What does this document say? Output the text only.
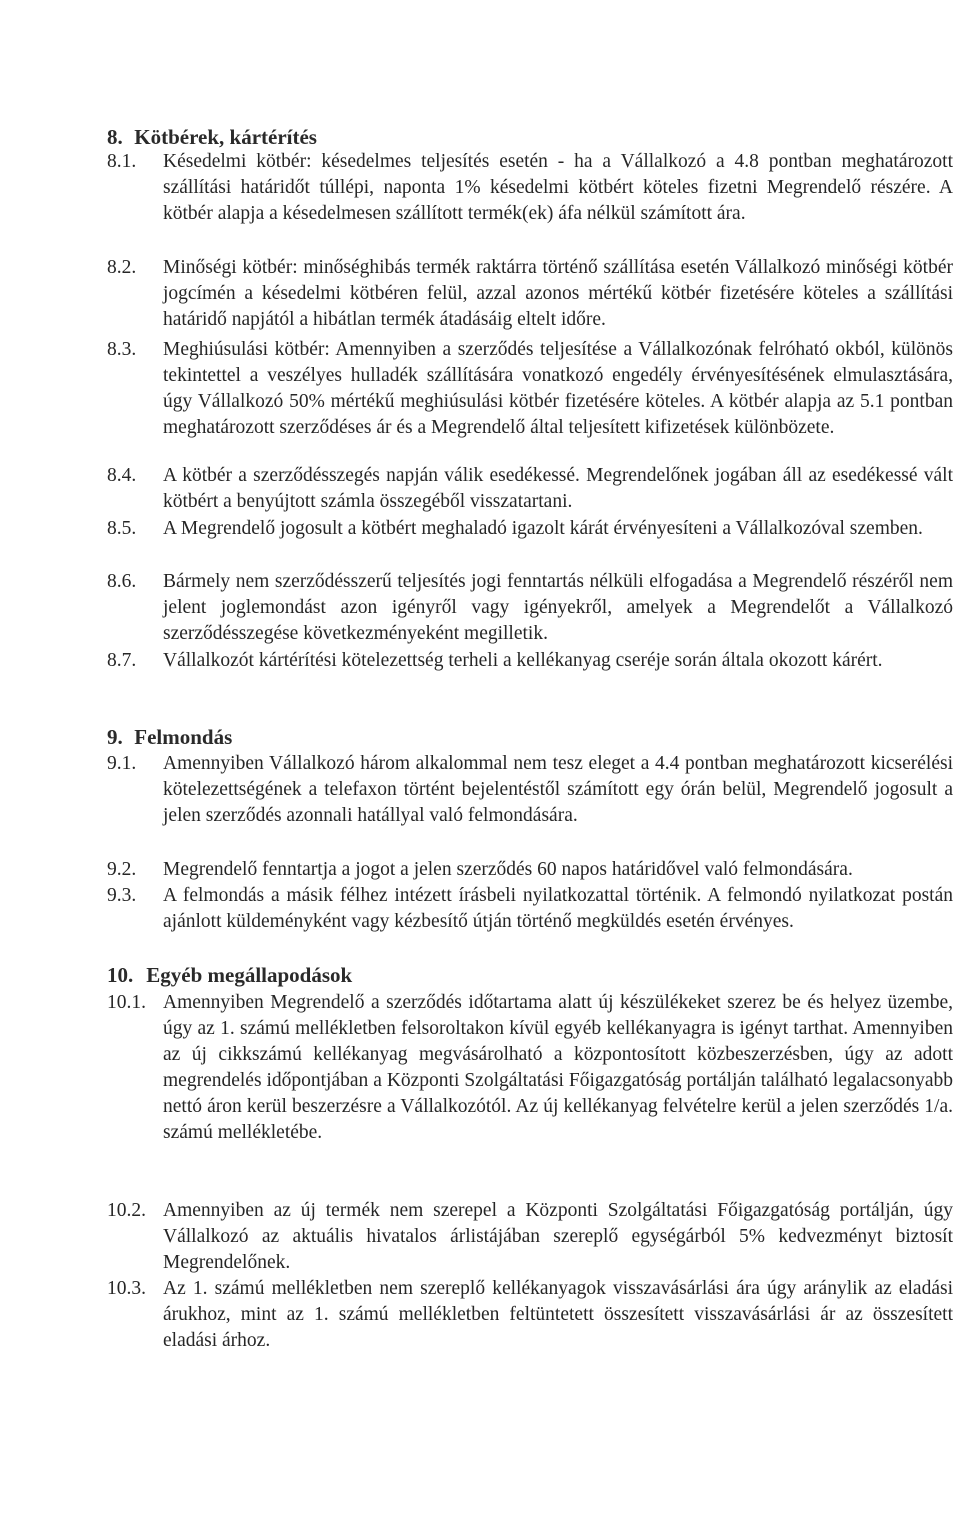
8. Kötbérek, kártérítés
8.1. Késedelmi kötbér: késedelmes teljesítés esetén - ha a Vállalkozó a 4.8 pontban meghatározott szállítási határidőt túllépi, naponta 1% késedelmi kötbért köteles fizetni Megrendelő részére. A kötbér alapja a késedelmesen szállított termék(ek) áfa nélkül számított ára.
8.2. Minőségi kötbér: minőséghibás termék raktárra történő szállítása esetén Vállalkozó minőségi kötbér jogcímén a késedelmi kötbéren felül, azzal azonos mértékű kötbér fizetésére köteles a szállítási határidő napjától a hibátlan termék átadásáig eltelt időre.
8.3. Meghiúsulási kötbér: Amennyiben a szerződés teljesítése a Vállalkozónak felróható okból, különös tekintettel a veszélyes hulladék szállítására vonatkozó engedély érvényesítésének elmulasztására, úgy Vállalkozó 50% mértékű meghiúsulási kötbér fizetésére köteles. A kötbér alapja az 5.1 pontban meghatározott szerződéses ár és a Megrendelő által teljesített kifizetések különbözete.
8.4. A kötbér a szerződésszegés napján válik esedékessé. Megrendelőnek jogában áll az esedékessé vált kötbért a benyújtott számla összegéből visszatartani.
8.5. A Megrendelő jogosult a kötbért meghaladó igazolt kárát érvényesíteni a Vállalkozóval szemben.
8.6. Bármely nem szerződésszerű teljesítés jogi fenntartás nélküli elfogadása a Megrendelő részéről nem jelent joglemondást azon igényről vagy igényekről, amelyek a Megrendelőt a Vállalkozó szerződésszegése következményeként megilletik.
8.7. Vállalkozót kártérítési kötelezettség terheli a kellékanyag cseréje során általa okozott kárért.
9. Felmondás
9.1. Amennyiben Vállalkozó három alkalommal nem tesz eleget a 4.4 pontban meghatározott kicserélési kötelezettségének a telefaxon történt bejelentéstől számított egy órán belül, Megrendelő jogosult a jelen szerződés azonnali hatállyal való felmondására.
9.2. Megrendelő fenntartja a jogot a jelen szerződés 60 napos határidővel való felmondására.
9.3. A felmondás a másik félhez intézett írásbeli nyilatkozattal történik. A felmondó nyilatkozat postán ajánlott küldeményként vagy kézbesítő útján történő megküldés esetén érvényes.
10. Egyéb megállapodások
10.1. Amennyiben Megrendelő a szerződés időtartama alatt új készülékeket szerez be és helyez üzembe, úgy az 1. számú mellékletben felsoroltakon kívül egyéb kellékanyagra is igényt tarthat. Amennyiben az új cikkszámú kellékanyag megvásárolható a központosított közbeszerzésben, úgy az adott megrendelés időpontjában a Központi Szolgáltatási Főigazgatóság portálján található legalacsonyabb nettó áron kerül beszerzésre a Vállalkozótól. Az új kellékanyag felvételre kerül a jelen szerződés 1/a. számú mellékletébe.
10.2. Amennyiben az új termék nem szerepel a Központi Szolgáltatási Főigazgatóság portálján, úgy Vállalkozó az aktuális hivatalos árlistájában szereplő egységárból 5% kedvezményt biztosít Megrendelőnek.
10.3. Az 1. számú mellékletben nem szereplő kellékanyagok visszavásárlási ára úgy aránylik az eladási árukhoz, mint az 1. számú mellékletben feltüntetett összesített visszavásárlási ár az összesített eladási árhoz.
